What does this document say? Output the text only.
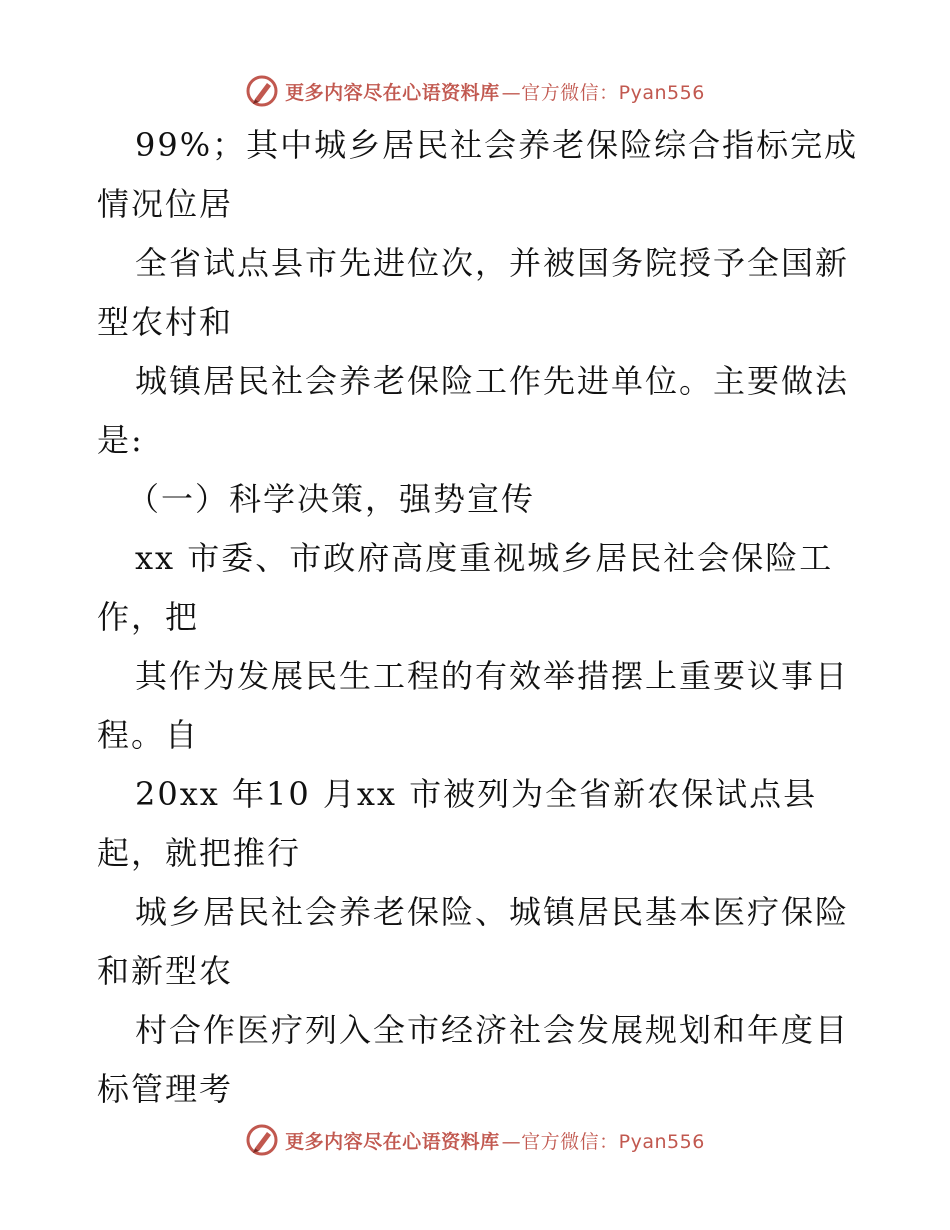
更多内容尽在心语资料库 —官方微信：Pyan556
99%；其中城乡居民社会养老保险综合指标完成
情况位居
全省试点县市先进位次，并被国务院授予全国新
型农村和
城镇居民社会养老保险工作先进单位。主要做法
是:
（一）科学决策，强势宣传
xx 市委、市政府高度重视城乡居民社会保险工
作，把
其作为发展民生工程的有效举措摆上重要议事日
程。自
20xx 年10 月xx 市被列为全省新农保试点县
起，就把推行
城乡居民社会养老保险、城镇居民基本医疗保险
和新型农
村合作医疗列入全市经济社会发展规划和年度目
标管理考
更多内容尽在心语资料库 —官方微信：Pyan556
